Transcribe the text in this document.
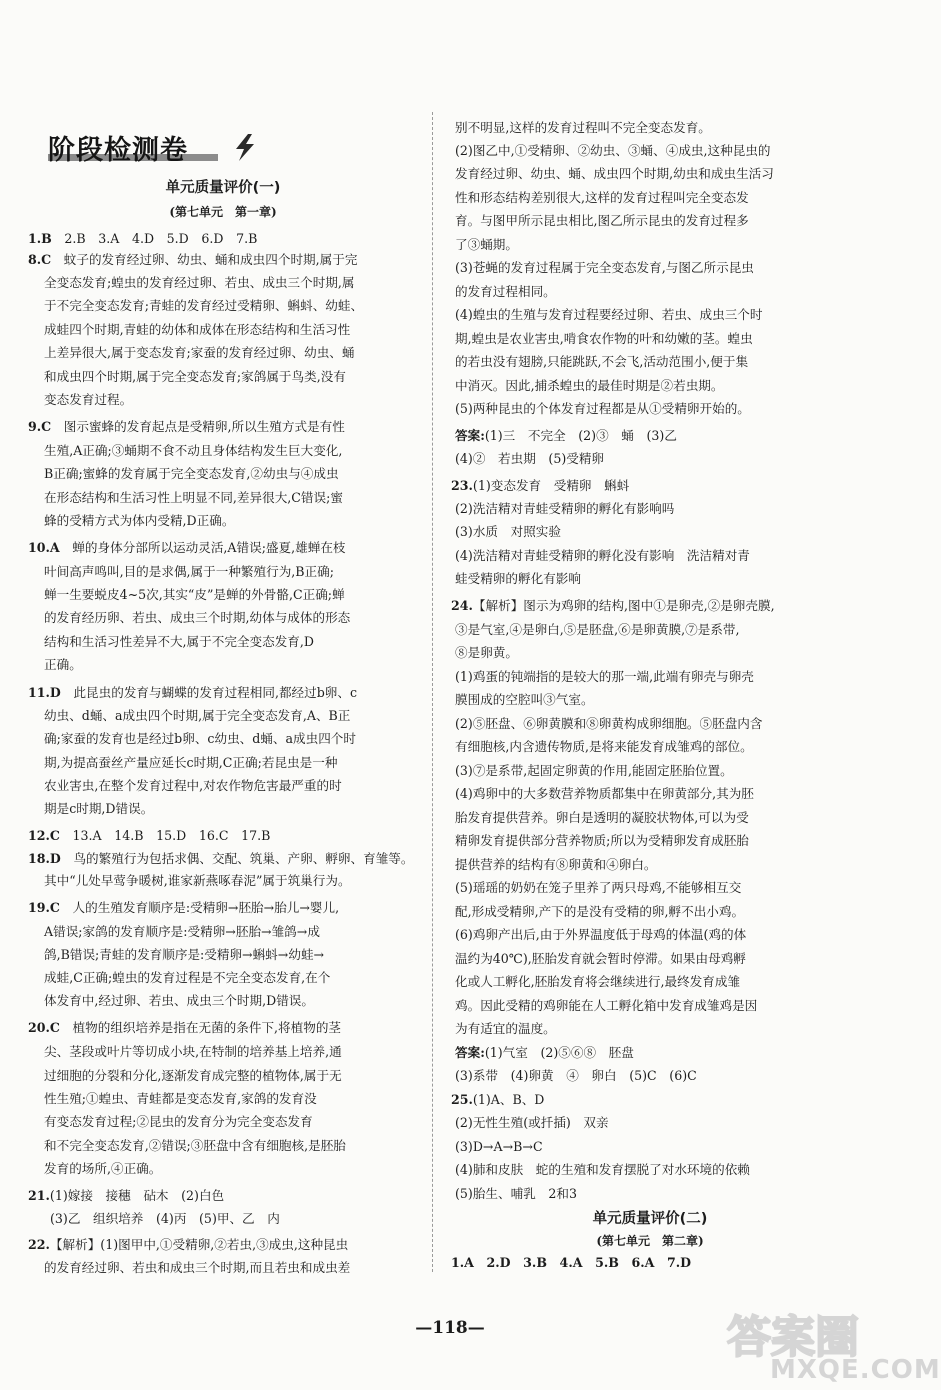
阶段检测卷
单元质量评价(一)
(第七单元　第一章)
1.B　2.B　3.A　4.D　5.D　6.D　7.B
8.C　蚊子的发育经过卵、幼虫、蛹和成虫四个时期,属于完
全变态发育;蝗虫的发育经过卵、若虫、成虫三个时期,属
于不完全变态发育;青蛙的发育经过受精卵、蝌蚪、幼蛙、
成蛙四个时期,青蛙的幼体和成体在形态结构和生活习性
上差异很大,属于变态发育;家蚕的发育经过卵、幼虫、蛹
和成虫四个时期,属于完全变态发育;家鸽属于鸟类,没有
变态发育过程。
9.C　图示蜜蜂的发育起点是受精卵,所以生殖方式是有性
生殖,A正确;③蛹期不食不动且身体结构发生巨大变化,
B正确;蜜蜂的发育属于完全变态发育,②幼虫与④成虫
在形态结构和生活习性上明显不同,差异很大,C错误;蜜
蜂的受精方式为体内受精,D正确。
10.A　蝉的身体分部所以运动灵活,A错误;盛夏,雄蝉在枝
叶间高声鸣叫,目的是求偶,属于一种繁殖行为,B正确;
蝉一生要蜕皮4~5次,其实“皮”是蝉的外骨骼,C正确;蝉
的发育经历卵、若虫、成虫三个时期,幼体与成体的形态
结构和生活习性差异不大,属于不完全变态发育,D
正确。
11.D　此昆虫的发育与蝴蝶的发育过程相同,都经过b卵、c
幼虫、d蛹、a成虫四个时期,属于完全变态发育,A、B正
确;家蚕的发育也是经过b卵、c幼虫、d蛹、a成虫四个时
期,为提高蚕丝产量应延长c时期,C正确;若昆虫是一种
农业害虫,在整个发育过程中,对农作物危害最严重的时
期是c时期,D错误。
12.C　13.A　14.B　15.D　16.C　17.B
18.D　鸟的繁殖行为包括求偶、交配、筑巢、产卵、孵卵、育雏等。
其中“儿处早莺争暖树,谁家新燕啄春泥”属于筑巢行为。
19.C　人的生殖发育顺序是:受精卵→胚胎→胎儿→婴儿,
A错误;家鸽的发育顺序是:受精卵→胚胎→雏鸽→成
鸽,B错误;青蛙的发育顺序是:受精卵→蝌蚪→幼蛙→
成蛙,C正确;蝗虫的发育过程是不完全变态发育,在个
体发育中,经过卵、若虫、成虫三个时期,D错误。
20.C　植物的组织培养是指在无菌的条件下,将植物的茎
尖、茎段或叶片等切成小块,在特制的培养基上培养,通
过细胞的分裂和分化,逐渐发育成完整的植物体,属于无
性生殖;①蝗虫、青蛙都是变态发育,家鸽的发育没
有变态发育过程;②昆虫的发育分为完全变态发育
和不完全变态发育,②错误;③胚盘中含有细胞核,是胚胎
发育的场所,④正确。
21.(1)嫁接　接穗　砧木　(2)白色
(3)乙　组织培养　(4)丙　(5)甲、乙　内
22.【解析】(1)图甲中,①受精卵,②若虫,③成虫,这种昆虫
的发育经过卵、若虫和成虫三个时期,而且若虫和成虫差
别不明显,这样的发育过程叫不完全变态发育。
(2)图乙中,①受精卵、②幼虫、③蛹、④成虫,这种昆虫的
发育经过卵、幼虫、蛹、成虫四个时期,幼虫和成虫生活习
性和形态结构差别很大,这样的发育过程叫完全变态发
育。与图甲所示昆虫相比,图乙所示昆虫的发育过程多
了③蛹期。
(3)苍蝇的发育过程属于完全变态发育,与图乙所示昆虫
的发育过程相同。
(4)蝗虫的生殖与发育过程要经过卵、若虫、成虫三个时
期,蝗虫是农业害虫,啃食农作物的叶和幼嫩的茎。蝗虫
的若虫没有翅膀,只能跳跃,不会飞,活动范围小,便于集
中消灭。因此,捕杀蝗虫的最佳时期是②若虫期。
(5)两种昆虫的个体发育过程都是从①受精卵开始的。
答案:(1)三　不完全　(2)③　蛹　(3)乙
(4)②　若虫期　(5)受精卵
23.(1)变态发育　受精卵　蝌蚪
(2)洗洁精对青蛙受精卵的孵化有影响吗
(3)水质　对照实验
(4)洗洁精对青蛙受精卵的孵化没有影响　洗洁精对青
蛙受精卵的孵化有影响
24.【解析】图示为鸡卵的结构,图中①是卵壳,②是卵壳膜,
③是气室,④是卵白,⑤是胚盘,⑥是卵黄膜,⑦是系带,
⑧是卵黄。
(1)鸡蛋的钝端指的是较大的那一端,此端有卵壳与卵壳
膜围成的空腔叫③气室。
(2)⑤胚盘、⑥卵黄膜和⑧卵黄构成卵细胞。⑤胚盘内含
有细胞核,内含遗传物质,是将来能发育成雏鸡的部位。
(3)⑦是系带,起固定卵黄的作用,能固定胚胎位置。
(4)鸡卵中的大多数营养物质都集中在卵黄部分,其为胚
胎发育提供营养。卵白是透明的凝胶状物体,可以为受
精卵发育提供部分营养物质;所以为受精卵发育成胚胎
提供营养的结构有⑧卵黄和④卵白。
(5)瑶瑶的奶奶在笼子里养了两只母鸡,不能够相互交
配,形成受精卵,产下的是没有受精的卵,孵不出小鸡。
(6)鸡卵产出后,由于外界温度低于母鸡的体温(鸡的体
温约为40℃),胚胎发育就会暂时停滞。如果由母鸡孵
化或人工孵化,胚胎发育将会继续进行,最终发育成雏
鸡。因此受精的鸡卵能在人工孵化箱中发育成雏鸡是因
为有适宜的温度。
答案:(1)气室　(2)⑤⑥⑧　胚盘
(3)系带　(4)卵黄　④　卵白　(5)C　(6)C
25.(1)A、B、D
(2)无性生殖(或扦插)　双亲
(3)D→A→B→C
(4)肺和皮肤　蛇的生殖和发育摆脱了对水环境的依赖
(5)胎生、哺乳　2和3
单元质量评价(二)
(第七单元　第二章)
1.A　2.D　3.B　4.A　5.B　6.A　7.D
—118—	答案圈
MXQE.COM
